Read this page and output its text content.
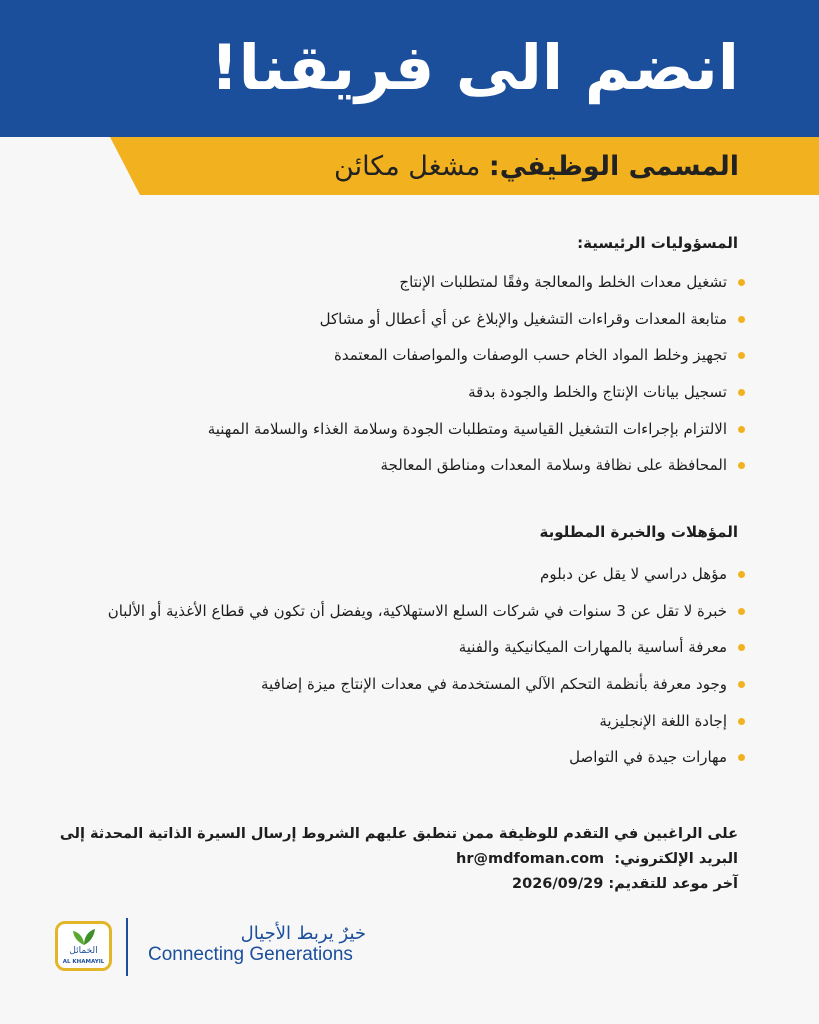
انضم الى فريقنا!
المسمى الوظيفي: مشغل مكائن
المسؤوليات الرئيسية:
تشغيل معدات الخلط والمعالجة وفقًا لمتطلبات الإنتاج
متابعة المعدات وقراءات التشغيل والإبلاغ عن أي أعطال أو مشاكل
تجهيز وخلط المواد الخام حسب الوصفات والمواصفات المعتمدة
تسجيل بيانات الإنتاج والخلط والجودة بدقة
الالتزام بإجراءات التشغيل القياسية ومتطلبات الجودة وسلامة الغذاء والسلامة المهنية
المحافظة على نظافة وسلامة المعدات ومناطق المعالجة
المؤهلات والخبرة المطلوبة
مؤهل دراسي لا يقل عن دبلوم
خبرة لا تقل عن 3 سنوات في شركات السلع الاستهلاكية، ويفضل أن تكون في قطاع الأغذية أو الألبان
معرفة أساسية بالمهارات الميكانيكية والفنية
وجود معرفة بأنظمة التحكم الآلي المستخدمة في معدات الإنتاج ميزة إضافية
إجادة اللغة الإنجليزية
مهارات جيدة في التواصل
على الراغبين في التقدم للوظيفة ممن تنطبق عليهم الشروط إرسال السيرة الذاتية المحدثة إلى
البريد الإلكتروني:  hr@mdfoman.com
آخر موعد للتقديم: 2026/09/29
الخمائل
AL KHAMAYIL
خيرٌ يربط الأجيال
Connecting Generations
